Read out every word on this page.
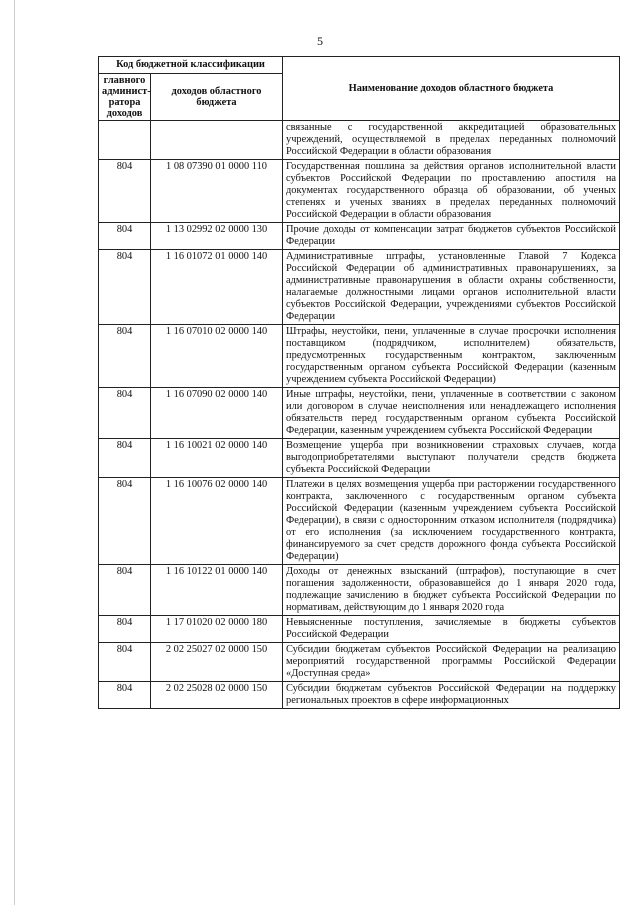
5
Код бюджетной классификации		Наименование доходов областного бюджета
главного админист-ратора доходов	доходов областного бюджета	
		связанные с государственной аккредитацией образовательных учреждений, осуществляемой в пределах переданных полномочий Российской Федерации в области образования
804	1 08 07390 01 0000 110	Государственная пошлина за действия органов исполнительной власти субъектов Российской Федерации по проставлению апостиля на документах государственного образца об образовании, об ученых степенях и ученых званиях в пределах переданных полномочий Российской Федерации в области образования
804	1 13 02992 02 0000 130	Прочие доходы от компенсации затрат бюджетов субъектов Российской Федерации
804	1 16 01072 01 0000 140	Административные штрафы, установленные Главой 7 Кодекса Российской Федерации об административных правонарушениях, за административные правонарушения в области охраны собственности, налагаемые должностными лицами органов исполнительной власти субъектов Российской Федерации, учреждениями субъектов Российской Федерации
804	1 16 07010 02 0000 140	Штрафы, неустойки, пени, уплаченные в случае просрочки исполнения поставщиком (подрядчиком, исполнителем) обязательств, предусмотренных государственным контрактом, заключенным государственным органом субъекта Российской Федерации (казенным учреждением субъекта Российской Федерации)
804	1 16 07090 02 0000 140	Иные штрафы, неустойки, пени, уплаченные в соответствии с законом или договором в случае неисполнения или ненадлежащего исполнения обязательств перед государственным органом субъекта Российской Федерации, казенным учреждением субъекта Российской Федерации
804	1 16 10021 02 0000 140	Возмещение ущерба при возникновении страховых случаев, когда выгодоприобретателями выступают получатели средств бюджета субъекта Российской Федерации
804	1 16 10076 02 0000 140	Платежи в целях возмещения ущерба при расторжении государственного контракта, заключенного с государственным органом субъекта Российской Федерации (казенным учреждением субъекта Российской Федерации), в связи с односторонним отказом исполнителя (подрядчика) от его исполнения (за исключением государственного контракта, финансируемого за счет средств дорожного фонда субъекта Российской Федерации)
804	1 16 10122 01 0000 140	Доходы от денежных взысканий (штрафов), поступающие в счет погашения задолженности, образовавшейся до 1 января 2020 года, подлежащие зачислению в бюджет субъекта Российской Федерации по нормативам, действующим до 1 января 2020 года
804	1 17 01020 02 0000 180	Невыясненные поступления, зачисляемые в бюджеты субъектов Российской Федерации
804	2 02 25027 02 0000 150	Субсидии бюджетам субъектов Российской Федерации на реализацию мероприятий государственной программы Российской Федерации «Доступная среда»
804	2 02 25028 02 0000 150	Субсидии бюджетам субъектов Российской Федерации на поддержку региональных проектов в сфере информационных
